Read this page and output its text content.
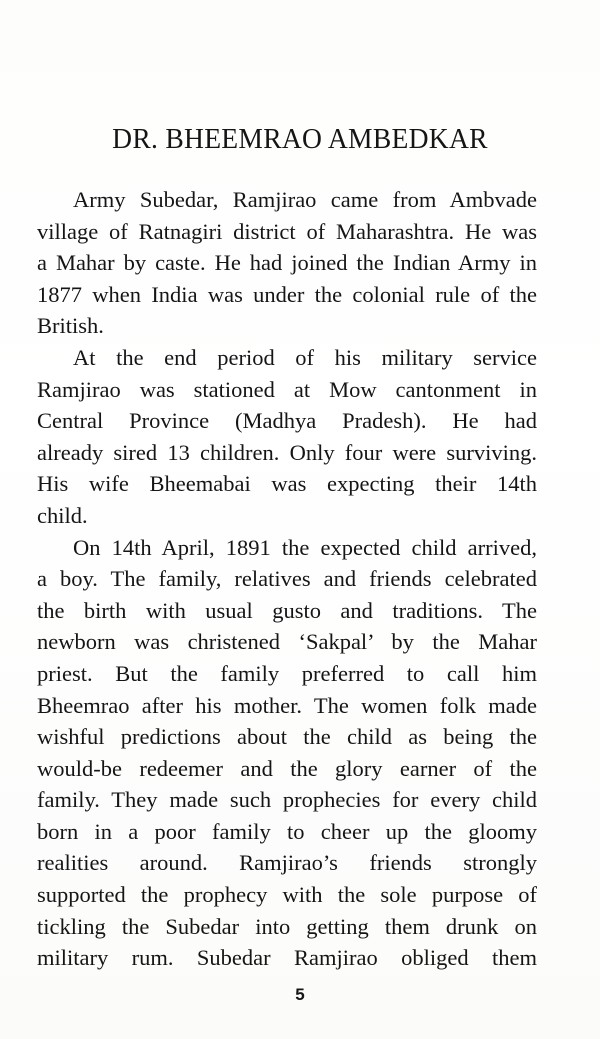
DR. BHEEMRAO AMBEDKAR
Army Subedar, Ramjirao came from Ambvade
village of Ratnagiri district of Maharashtra. He was
a Mahar by caste. He had joined the Indian Army in
1877 when India was under the colonial rule of the
British.
At the end period of his military service
Ramjirao was stationed at Mow cantonment in
Central Province (Madhya Pradesh). He had
already sired 13 children. Only four were surviving.
His wife Bheemabai was expecting their 14th
child.
On 14th April, 1891 the expected child arrived,
a boy. The family, relatives and friends celebrated
the birth with usual gusto and traditions. The
newborn was christened ‘Sakpal’ by the Mahar
priest. But the family preferred to call him
Bheemrao after his mother. The women folk made
wishful predictions about the child as being the
would-be redeemer and the glory earner of the
family. They made such prophecies for every child
born in a poor family to cheer up the gloomy
realities around. Ramjirao’s friends strongly
supported the prophecy with the sole purpose of
tickling the Subedar into getting them drunk on
military rum. Subedar Ramjirao obliged them
5
